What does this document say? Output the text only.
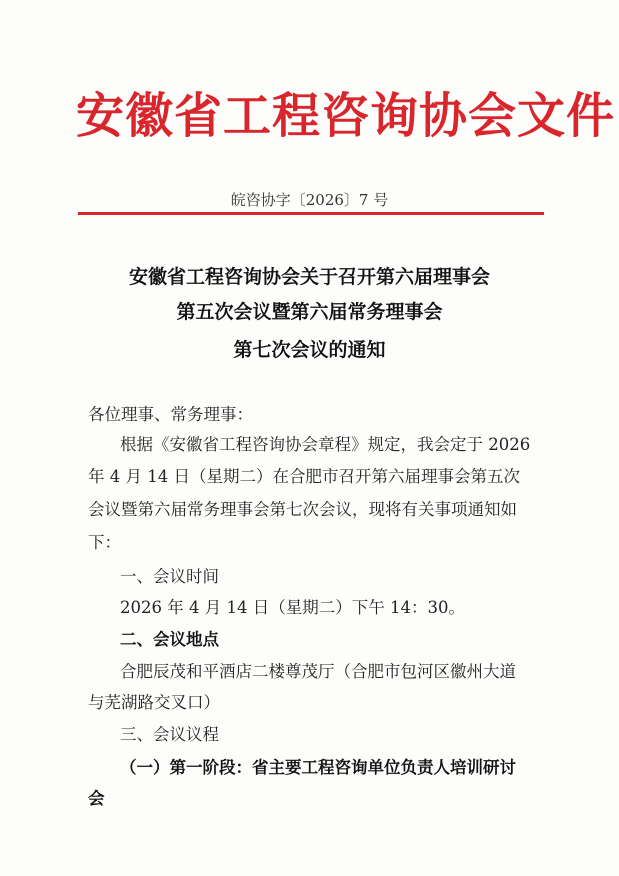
安徽省工程咨询协会文件
皖咨协字〔2026〕7 号
安徽省工程咨询协会关于召开第六届理事会
第五次会议暨第六届常务理事会
第七次会议的通知
各位理事、常务理事：
根据《安徽省工程咨询协会章程》规定，我会定于 2026
年 4 月 14 日（星期二）在合肥市召开第六届理事会第五次
会议暨第六届常务理事会第七次会议，现将有关事项通知如
下：
一、会议时间
2026 年 4 月 14 日（星期二）下午 14：30。
二、会议地点
合肥辰茂和平酒店二楼尊茂厅（合肥市包河区徽州大道
与芜湖路交叉口）
三、会议议程
（一）第一阶段：省主要工程咨询单位负责人培训研讨
会
